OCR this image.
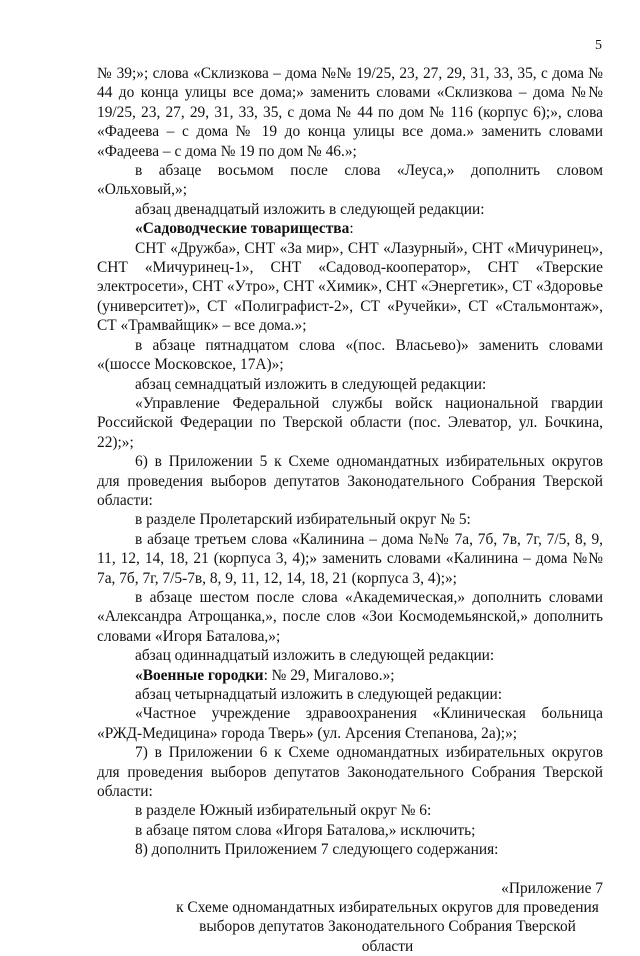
5

№ 39;»; слова «Склизкова – дома №№ 19/25, 23, 27, 29, 31, 33, 35, с дома № 44 до конца улицы все дома;» заменить словами «Склизкова – дома №№ 19/25, 23, 27, 29, 31, 33, 35, с дома № 44 по дом № 116 (корпус 6);», слова «Фадеева – с дома № 19 до конца улицы все дома.» заменить словами «Фадеева – с дома № 19 по дом № 46.»;

в абзаце восьмом после слова «Леуса,» дополнить словом «Ольховый,»;

абзац двенадцатый изложить в следующей редакции:

«Садоводческие товарищества:

СНТ «Дружба», СНТ «За мир», СНТ «Лазурный», СНТ «Мичуринец», СНТ «Мичуринец-1», СНТ «Садовод-кооператор», СНТ «Тверские электросети», СНТ «Утро», СНТ «Химик», СНТ «Энергетик», СТ «Здоровье (университет)», СТ «Полиграфист-2», СТ «Ручейки», СТ «Стальмонтаж», СТ «Трамвайщик» – все дома.»;

в абзаце пятнадцатом слова «(пос. Власьево)» заменить словами «(шоссе Московское, 17А)»;

абзац семнадцатый изложить в следующей редакции:

«Управление Федеральной службы войск национальной гвардии Российской Федерации по Тверской области (пос. Элеватор, ул. Бочкина, 22);»;

6) в Приложении 5 к Схеме одномандатных избирательных округов для проведения выборов депутатов Законодательного Собрания Тверской области:

в разделе Пролетарский избирательный округ № 5:

в абзаце третьем слова «Калинина – дома №№ 7а, 7б, 7в, 7г, 7/5, 8, 9, 11, 12, 14, 18, 21 (корпуса 3, 4);» заменить словами «Калинина – дома №№ 7а, 7б, 7г, 7/5-7в, 8, 9, 11, 12, 14, 18, 21 (корпуса 3, 4);»;

в абзаце шестом после слова «Академическая,» дополнить словами «Александра Атрощанка,», после слов «Зои Космодемьянской,» дополнить словами «Игоря Баталова,»;

абзац одиннадцатый изложить в следующей редакции:

«Военные городки: № 29, Мигалово.»;

абзац четырнадцатый изложить в следующей редакции:

«Частное учреждение здравоохранения «Клиническая больница «РЖД-Медицина» города Тверь» (ул. Арсения Степанова, 2а);»;

7) в Приложении 6 к Схеме одномандатных избирательных округов для проведения выборов депутатов Законодательного Собрания Тверской области:

в разделе Южный избирательный округ № 6:

в абзаце пятом слова «Игоря Баталова,» исключить;

8) дополнить Приложением 7 следующего содержания:

«Приложение 7

к Схеме одномандатных избирательных округов для проведения

выборов депутатов Законодательного Собрания Тверской области
